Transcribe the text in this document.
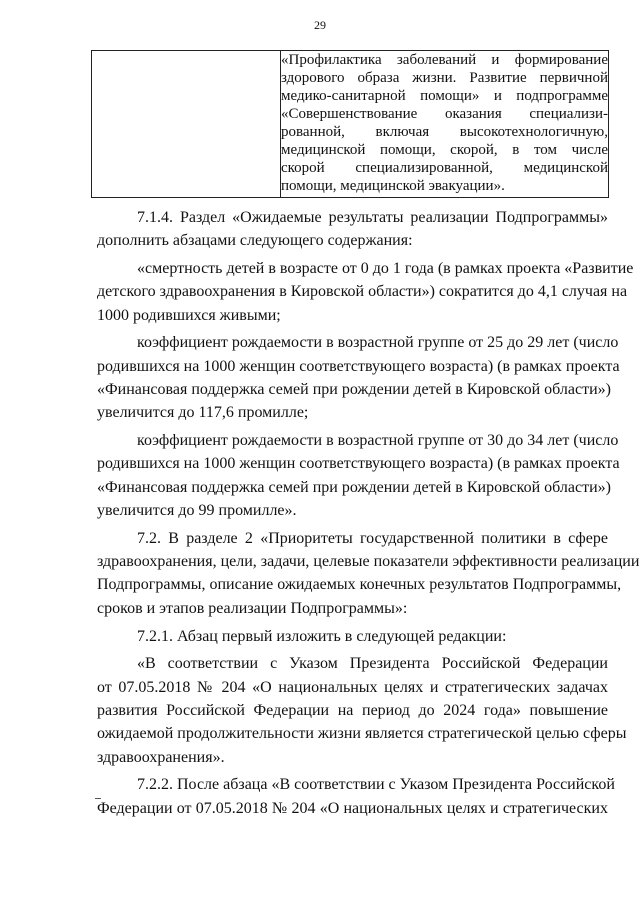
29

«Профилактика заболеваний и формирование
здорового образа жизни. Развитие первичной
медико-санитарной помощи» и подпрограмме
«Совершенствование оказания специализи-
рованной, включая высокотехнологичную,
медицинской помощи, скорой, в том числе
скорой специализированной, медицинской
помощи, медицинской эвакуации».
7.1.4. Раздел «Ожидаемые результаты реализации Подпрограммы»
дополнить абзацами следующего содержания:
«смертность детей в возрасте от 0 до 1 года (в рамках проекта «Развитие
детского здравоохранения в Кировской области») сократится до 4,1 случая на
1000 родившихся живыми;
коэффициент рождаемости в возрастной группе от 25 до 29 лет (число
родившихся на 1000 женщин соответствующего возраста) (в рамках проекта
«Финансовая поддержка семей при рождении детей в Кировской области»)
увеличится до 117,6 промилле;
коэффициент рождаемости в возрастной группе от 30 до 34 лет (число
родившихся на 1000 женщин соответствующего возраста) (в рамках проекта
«Финансовая поддержка семей при рождении детей в Кировской области»)
увеличится до 99 промилле».
7.2. В разделе 2 «Приоритеты государственной политики в сфере
здравоохранения, цели, задачи, целевые показатели эффективности реализации
Подпрограммы, описание ожидаемых конечных результатов Подпрограммы,
сроков и этапов реализации Подпрограммы»:
7.2.1. Абзац первый изложить в следующей редакции:
«В соответствии с Указом Президента Российской Федерации
от 07.05.2018 № 204 «О национальных целях и стратегических задачах
развития Российской Федерации на период до 2024 года» повышение
ожидаемой продолжительности жизни является стратегической целью сферы
здравоохранения».
7.2.2. После абзаца «В соответствии с Указом Президента Российской
Федерации от 07.05.2018 № 204 «О национальных целях и стратегических
